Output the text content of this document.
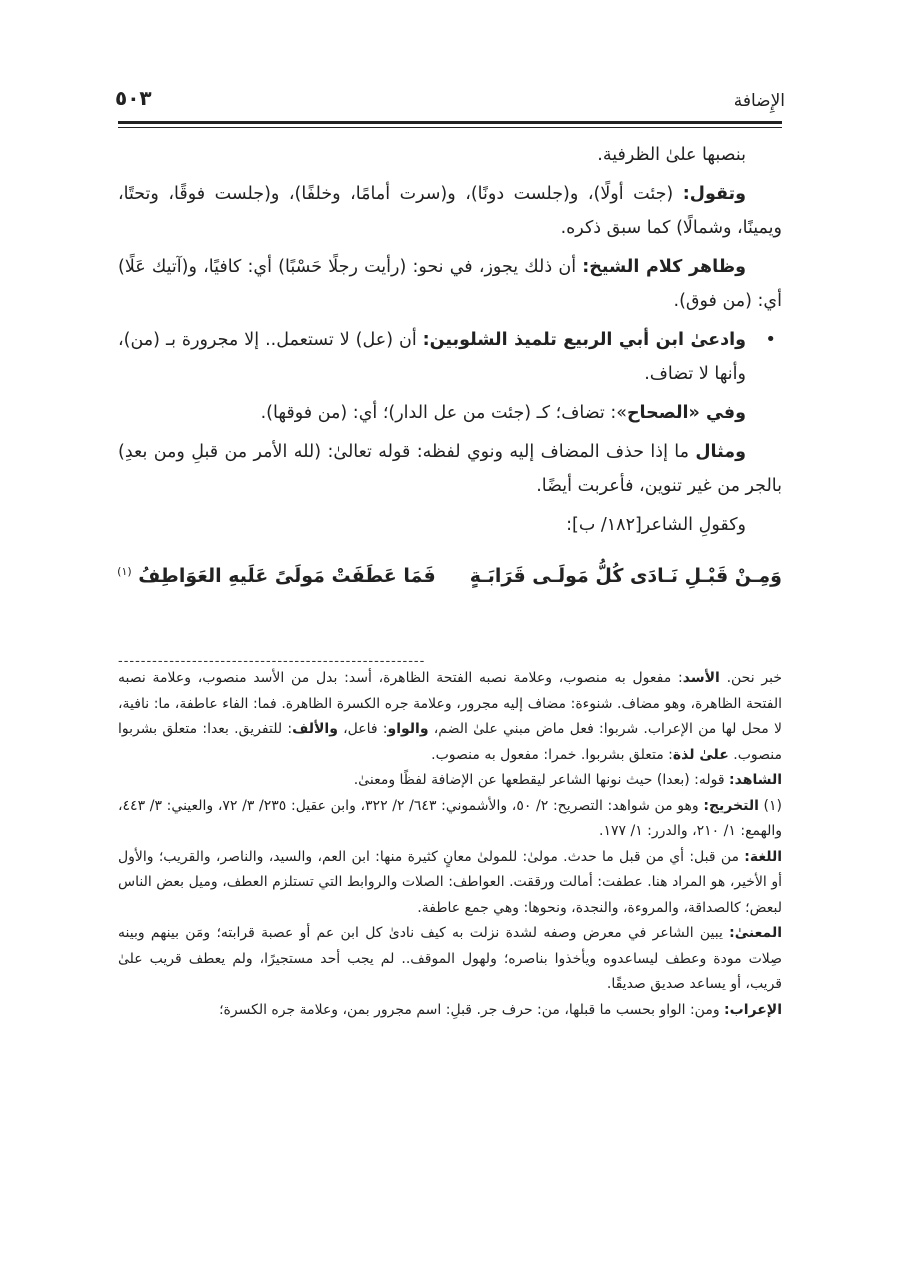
الإِضافة
٥٠٣

بنصبها علىٰ الظرفية.

وتقول: (جئت أولًا)، و(جلست دونًا)، و(سرت أمامًا، وخلفًا)، و(جلست فوقًا، وتحتًا، ويمينًا، وشمالًا) كما سبق ذكره.

وظاهر كلام الشيخ: أن ذلك يجوز، في نحو: (رأيت رجلًا حَسْبًا) أي: كافيًا، و(آتيك عَلًا) أي: (من فوق).

•
وادعىٰ ابن أبي الربيع تلميذ الشلوبين: أن (عل) لا تستعمل.. إلا مجرورة بـ (من)، وأنها لا تضاف.

وفي «الصحاح»: تضاف؛ كـ (جئت من عل الدار)؛ أي: (من فوقها).

ومثال ما إذا حذف المضاف إليه ونوي لفظه: قوله تعالىٰ: (لله الأمر من قبلِ ومن بعدِ) بالجر من غير تنوين، فأعربت أيضًا.

وكقولِ الشاعر[١٨٢/ ب]:

وَمِـنْ قَبْـلِ نَـادَى كُلُّ مَولَـى قَرَابَـةٍفَمَا عَطَفَتْ مَولَىً عَلَيهِ العَوَاطِفُ $^{(١)}$
------------------------------------------------------

خبر نحن. الأسد: مفعول به منصوب، وعلامة نصبه الفتحة الظاهرة، أسد: بدل من الأسد منصوب، وعلامة نصبه الفتحة الظاهرة، وهو مضاف. شنوءة: مضاف إليه مجرور، وعلامة جره الكسرة الظاهرة. فما: الفاء عاطفة، ما: نافية، لا محل لها من الإعراب. شربوا: فعل ماض مبني علىٰ الضم، والواو: فاعل، والألف: للتفريق. بعدا: متعلق بشربوا منصوب. علىٰ لذة: متعلق بشربوا. خمرا: مفعول به منصوب.

الشاهد: قوله: (بعدا) حيث نونها الشاعر ليقطعها عن الإضافة لفظًا ومعنىٰ.

(١) التخريج: وهو من شواهد: التصريح: ٢/ ٥٠، والأشموني: ٦٤٣/ ٢/ ٣٢٢، وابن عقيل: ٢٣٥/ ٣/ ٧٢، والعيني: ٣/ ٤٤٣، والهمع: ١/ ٢١٠، والدرر: ١/ ١٧٧.

اللغة: من قبل: أي من قبل ما حدث. مولىٰ: للمولىٰ معانٍ كثيرة منها: ابن العم، والسيد، والناصر، والقريب؛ والأول أو الأخير، هو المراد هنا. عطفت: أمالت ورققت. العواطف: الصلات والروابط التي تستلزم العطف، وميل بعض الناس لبعض؛ كالصداقة، والمروءة، والنجدة، ونحوها: وهي جمع عاطفة.

المعنىٰ: يبين الشاعر في معرض وصفه لشدة نزلت به كيف نادىٰ كل ابن عم أو عصبة قرابته؛ ومَن بينهم وبينه صِلات مودة وعطف ليساعدوه ويأخذوا بناصره؛ ولهول الموقف.. لم يجب أحد مستجيرًا، ولم يعطف قريب علىٰ قريب، أو يساعد صديق صديقًا.

الإعراب: ومن: الواو بحسب ما قبلها، من: حرف جر. قبلِ: اسم مجرور بمن، وعلامة جره الكسرة؛
